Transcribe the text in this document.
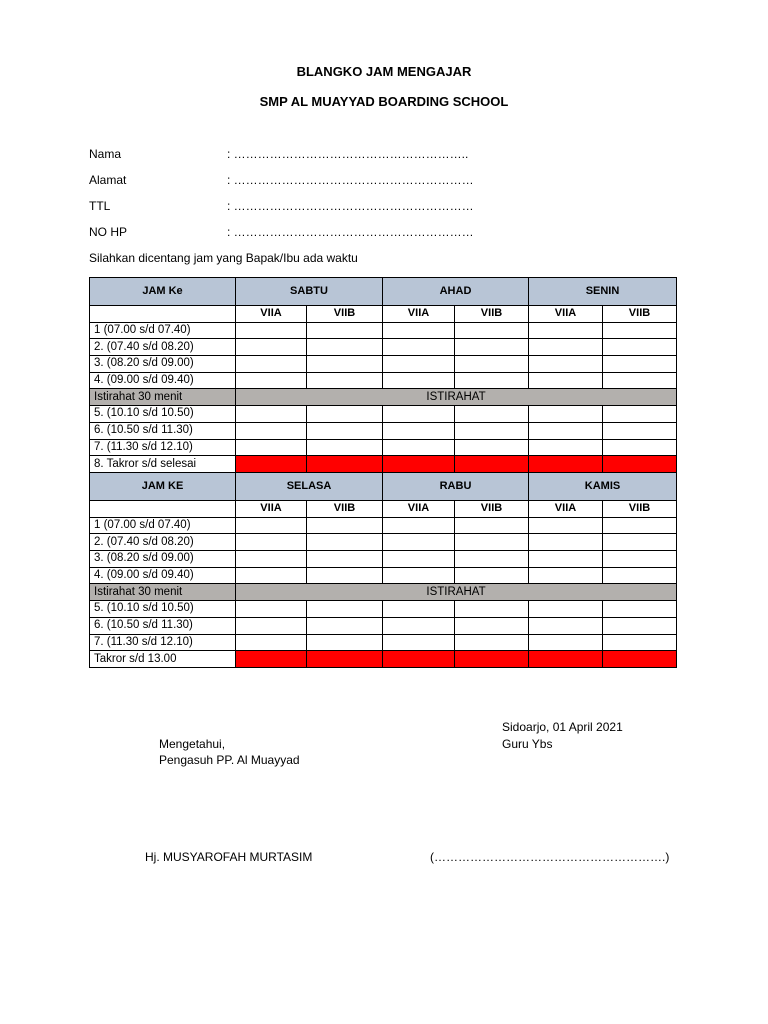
BLANGKO JAM MENGAJAR
SMP AL MUAYYAD BOARDING SCHOOL
Nama	: …………………………………………………..
Alamat	: ……………………………………………………
TTL	: ……………………………………………………
NO HP	: ……………………………………………………
Silahkan dicentang jam yang Bapak/Ibu ada waktu
JAM Ke	SABTU		AHAD		SENIN	
	VIIA	VIIB	VIIA	VIIB	VIIA	VIIB
1 (07.00 s/d 07.40)						
2. (07.40 s/d 08.20)						
3. (08.20 s/d 09.00)						
4. (09.00 s/d 09.40)						
Istirahat 30 menit	ISTIRAHAT					
5. (10.10 s/d 10.50)						
6. (10.50 s/d 11.30)						
7. (11.30 s/d 12.10)						
8. Takror s/d selesai						
JAM KE	SELASA		RABU		KAMIS	
	VIIA	VIIB	VIIA	VIIB	VIIA	VIIB
1 (07.00 s/d 07.40)						
2. (07.40 s/d 08.20)						
3. (08.20 s/d 09.00)						
4. (09.00 s/d 09.40)						
Istirahat 30 menit	ISTIRAHAT					
5. (10.10 s/d 10.50)						
6. (10.50 s/d 11.30)						
7. (11.30 s/d 12.10)						
Takror s/d 13.00						
Sidoarjo, 01 April 2021
Mengetahui,	Guru Ybs
Pengasuh PP. Al Muayyad
Hj. MUSYAROFAH MURTASIM	(………………………………………………….)
